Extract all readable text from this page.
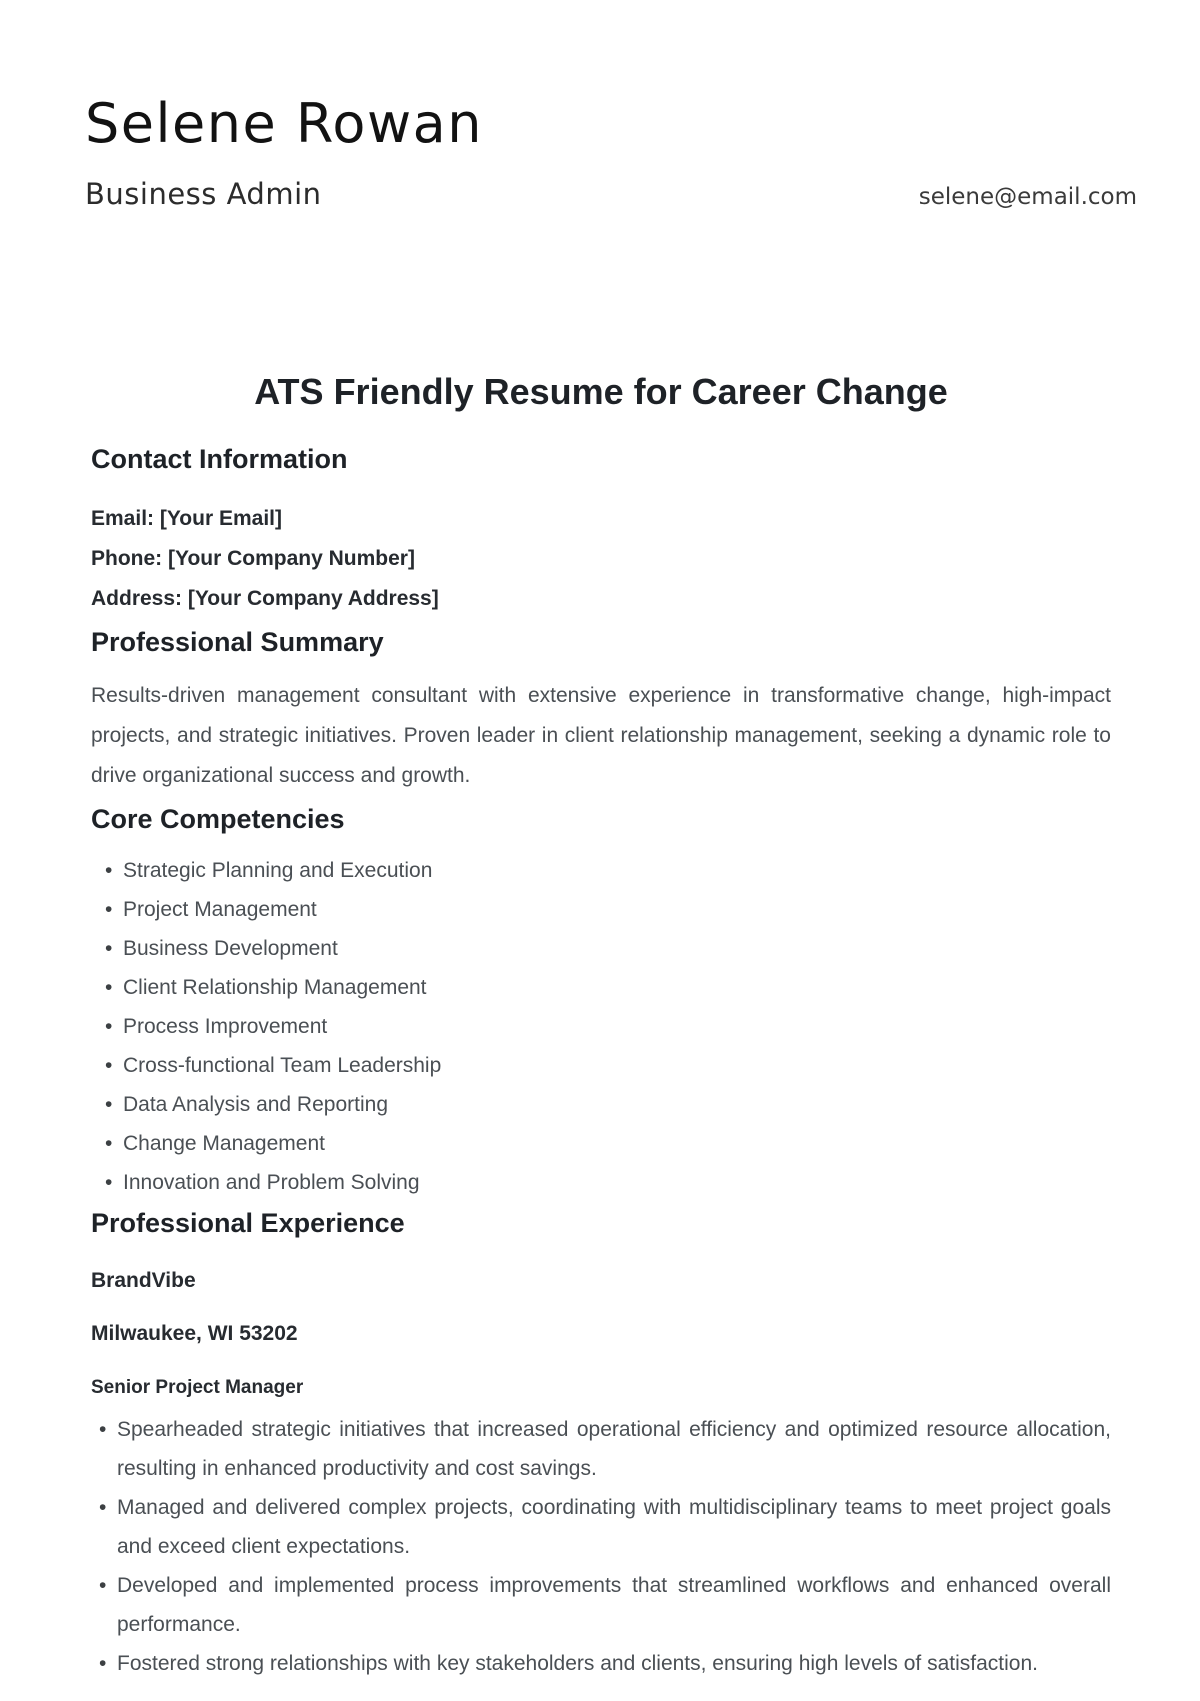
Selene Rowan
Business Admin	selene@email.com
ATS Friendly Resume for Career Change
Contact Information
Email: [Your Email]
Phone: [Your Company Number]
Address: [Your Company Address]
Professional Summary

Results-driven management consultant with extensive experience in transformative change, high-impact projects, and strategic initiatives. Proven leader in client relationship management, seeking a dynamic role to drive organizational success and growth.

Core Competencies
• Strategic Planning and Execution
• Project Management
• Business Development
• Client Relationship Management
• Process Improvement
• Cross-functional Team Leadership
• Data Analysis and Reporting
• Change Management
• Innovation and Problem Solving
Professional Experience
BrandVibe
Milwaukee, WI 53202
Senior Project Manager
• Spearheaded strategic initiatives that increased operational efficiency and optimized resource allocation, resulting in enhanced productivity and cost savings.
• Managed and delivered complex projects, coordinating with multidisciplinary teams to meet project goals and exceed client expectations.
• Developed and implemented process improvements that streamlined workflows and enhanced overall performance.
• Fostered strong relationships with key stakeholders and clients, ensuring high levels of satisfaction.
